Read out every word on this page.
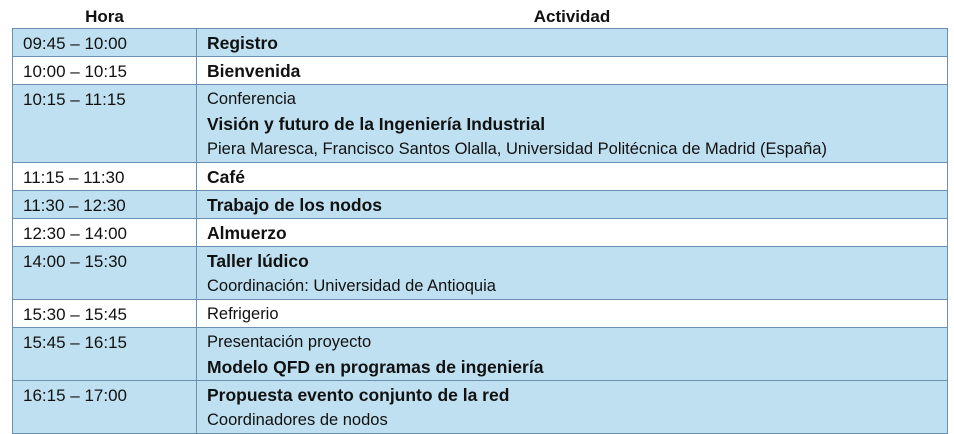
Hora	Actividad
09:45 – 10:00	Registro

10:00 – 10:15	Bienvenida

10:15 – 11:15	Conferencia
Visión y futuro de la Ingeniería Industrial
Piera Maresca, Francisco Santos Olalla, Universidad Politécnica de Madrid (España)

11:15 – 11:30	Café

11:30 – 12:30	Trabajo de los nodos

12:30 – 14:00	Almuerzo

14:00 – 15:30	Taller lúdico
Coordinación: Universidad de Antioquia

15:30 – 15:45	Refrigerio

15:45 – 16:15	Presentación proyecto
Modelo QFD en programas de ingeniería

16:15 – 17:00	Propuesta evento conjunto de la red
Coordinadores de nodos
